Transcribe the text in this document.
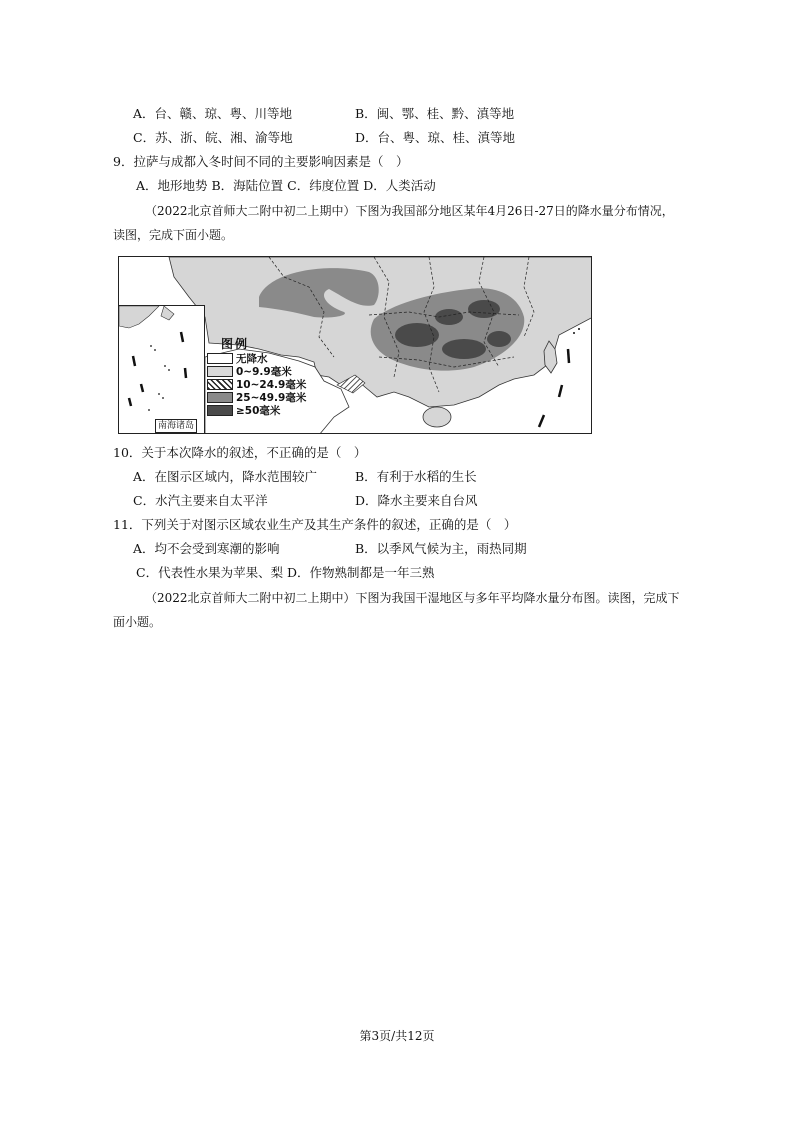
A．台、赣、琼、粤、川等地	B．闽、鄂、桂、黔、滇等地
C．苏、浙、皖、湘、渝等地	D．台、粤、琼、桂、滇等地
9．拉萨与成都入冬时间不同的主要影响因素是（　）
A．地形地势 B．海陆位置 C．纬度位置 D．人类活动
（2022北京首师大二附中初二上期中）下图为我国部分地区某年4月26日-27日的降水量分布情况，
读图，完成下面小题。
南海诸岛
图例
无降水
0~9.9毫米
10~24.9毫米
25~49.9毫米
≥50毫米
10．关于本次降水的叙述，不正确的是（　）
A．在图示区域内，降水范围较广	B．有利于水稻的生长
C．水汽主要来自太平洋	D．降水主要来自台风
11．下列关于对图示区域农业生产及其生产条件的叙述，正确的是（　）
A．均不会受到寒潮的影响	B．以季风气候为主，雨热同期
C．代表性水果为苹果、梨 D．作物熟制都是一年三熟
（2022北京首师大二附中初二上期中）下图为我国干湿地区与多年平均降水量分布图。读图，完成下
面小题。
第3页/共12页
